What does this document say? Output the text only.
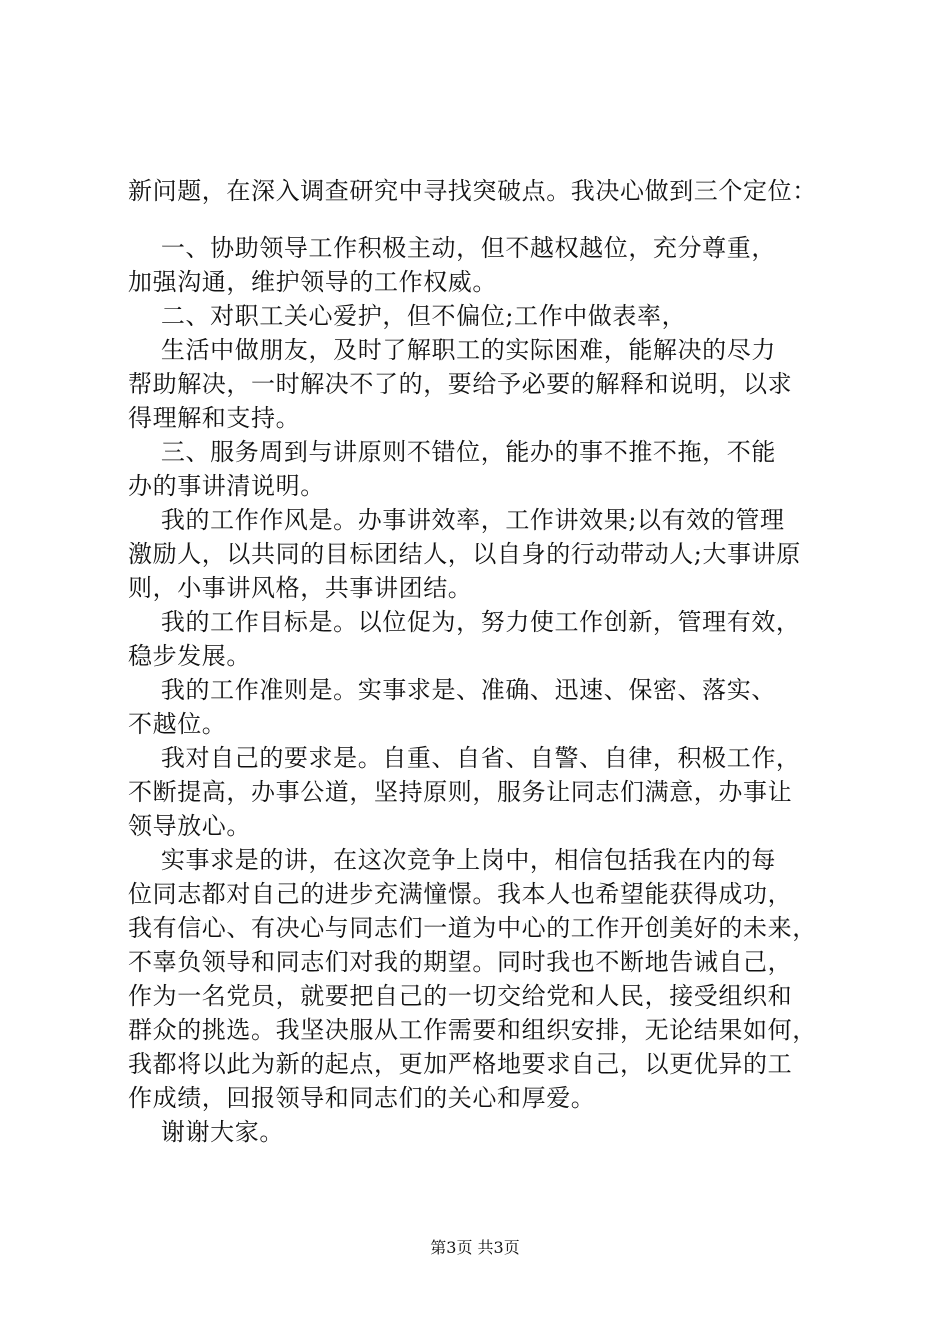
新问题，在深入调查研究中寻找突破点。我决心做到三个定位：
一、协助领导工作积极主动，但不越权越位，充分尊重，
加强沟通，维护领导的工作权威。
二、对职工关心爱护，但不偏位;工作中做表率，
生活中做朋友，及时了解职工的实际困难，能解决的尽力
帮助解决，一时解决不了的，要给予必要的解释和说明，以求
得理解和支持。
三、服务周到与讲原则不错位，能办的事不推不拖，不能
办的事讲清说明。
我的工作作风是。办事讲效率，工作讲效果;以有效的管理
激励人，以共同的目标团结人，以自身的行动带动人;大事讲原
则，小事讲风格，共事讲团结。
我的工作目标是。以位促为，努力使工作创新，管理有效，
稳步发展。
我的工作准则是。实事求是、准确、迅速、保密、落实、
不越位。
我对自己的要求是。自重、自省、自警、自律，积极工作，
不断提高，办事公道，坚持原则，服务让同志们满意，办事让
领导放心。
实事求是的讲，在这次竞争上岗中，相信包括我在内的每
位同志都对自己的进步充满憧憬。我本人也希望能获得成功，
我有信心、有决心与同志们一道为中心的工作开创美好的未来，
不辜负领导和同志们对我的期望。同时我也不断地告诫自己，
作为一名党员，就要把自己的一切交给党和人民，接受组织和
群众的挑选。我坚决服从工作需要和组织安排，无论结果如何，
我都将以此为新的起点，更加严格地要求自己，以更优异的工
作成绩，回报领导和同志们的关心和厚爱。
谢谢大家。
第3页 共3页
